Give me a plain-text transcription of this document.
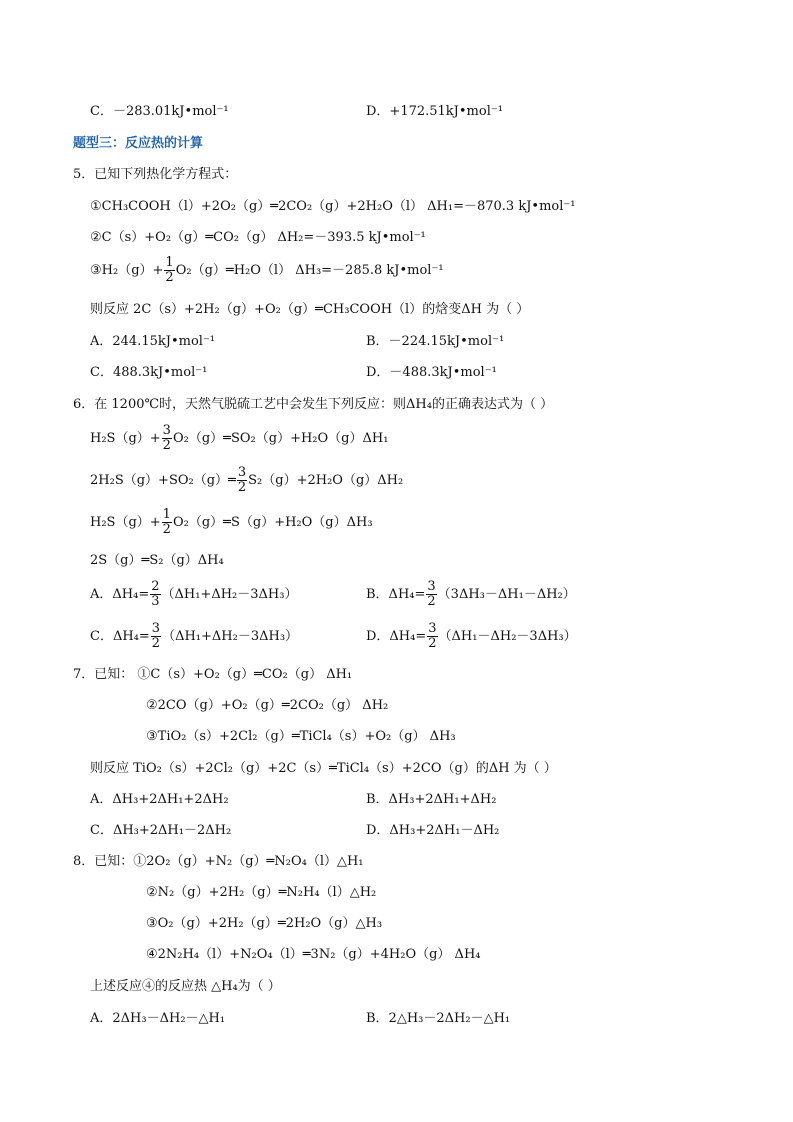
C．－283.01kJ•mol⁻¹	D．+172.51kJ•mol⁻¹
题型三：反应热的计算
5．已知下列热化学方程式：
①CH₃COOH（l）+2O₂（g）═2CO₂（g）+2H₂O（l） ΔH₁=－870.3 kJ•mol⁻¹
②C（s）+O₂（g）═CO₂（g） ΔH₂=－393.5 kJ•mol⁻¹
③H₂（g）+ $\frac{1}{2}$ O₂（g）═H₂O（l） ΔH₃=－285.8 kJ•mol⁻¹
则反应 2C（s）+2H₂（g）+O₂（g）═CH₃COOH（l）的焓变ΔH 为（ ）
A．244.15kJ•mol⁻¹	B．－224.15kJ•mol⁻¹
C．488.3kJ•mol⁻¹	D．－488.3kJ•mol⁻¹
6．在 1200℃时，天然气脱硫工艺中会发生下列反应：则ΔH₄的正确表达式为（ ）
$H_2S(g)+ \frac{3}{2}$ O₂（g）═SO₂（g）+H₂O（g）ΔH₁
2H₂S（g）+SO₂（g）═ $\frac{3}{2} S_2(g)+2H_2O(g)\Delta H_2$
$H_2S(g)+ \frac{1}{2}$ O₂（g）═S（g）+H₂O（g）ΔH₃
2S（g）═S₂（g）ΔH₄
A．$\Delta H_4= \frac{2}{3} (\Delta H_1+\Delta H_2-3\Delta H_3)$	B．$\Delta H_4= \frac{3}{2} (3\Delta H_3-\Delta H_1-\Delta H_2)$
C．$\Delta H_4= \frac{3}{2} (\Delta H_1+\Delta H_2-3\Delta H_3)$	D．$\Delta H_4= \frac{3}{2} (\Delta H_1-\Delta H_2-3\Delta H_3)$
7．已知： ①C（s）+O₂（g）═CO₂（g） ΔH₁
②2CO（g）+O₂（g）═2CO₂（g） ΔH₂
③TiO₂（s）+2Cl₂（g）═TiCl₄（s）+O₂（g） ΔH₃
则反应 TiO₂（s）+2Cl₂（g）+2C（s）═TiCl₄（s）+2CO（g）的ΔH 为（ ）
A．ΔH₃+2ΔH₁+2ΔH₂	B．ΔH₃+2ΔH₁+ΔH₂
C．ΔH₃+2ΔH₁－2ΔH₂	D．ΔH₃+2ΔH₁－ΔH₂
8．已知：①2O₂（g）+N₂（g）═N₂O₄（l）△H₁
②N₂（g）+2H₂（g）═N₂H₄（l）△H₂
③O₂（g）+2H₂（g）═2H₂O（g）△H₃
④2N₂H₄（l）+N₂O₄（l）═3N₂（g）+4H₂O（g） ΔH₄
上述反应④的反应热 △H₄为（ ）
A．2ΔH₃－ΔH₂－△H₁	B．2△H₃－2ΔH₂－△H₁
